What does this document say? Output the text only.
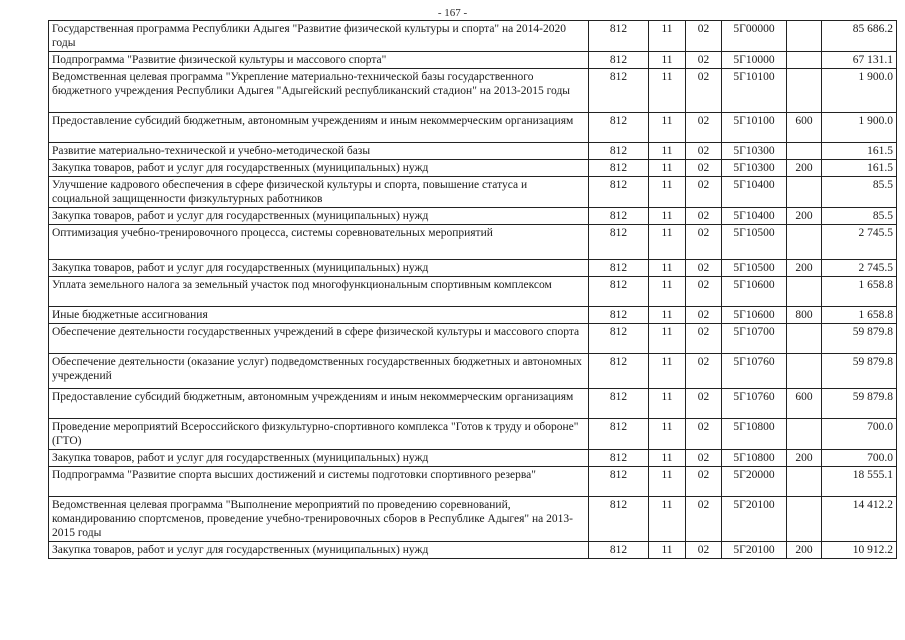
- 167 -
Государственная программа Республики Адыгея "Развитие физической культуры и спорта" на 2014-2020 годы	812	11	02	5Г00000		85 686.2
Подпрограмма "Развитие физической культуры и массового спорта"	812	11	02	5Г10000		67 131.1
Ведомственная целевая программа "Укрепление материально-технической базы государственного бюджетного учреждения Республики Адыгея "Адыгейский республиканский стадион" на 2013-2015 годы	812	11	02	5Г10100		1 900.0
Предоставление субсидий бюджетным, автономным учреждениям и иным некоммерческим организациям	812	11	02	5Г10100	600	1 900.0
Развитие материально-технической и учебно-методической базы	812	11	02	5Г10300		161.5
Закупка товаров, работ и услуг для государственных (муниципальных) нужд	812	11	02	5Г10300	200	161.5
Улучшение кадрового обеспечения в сфере физической культуры и спорта, повышение статуса и социальной защищенности физкультурных работников	812	11	02	5Г10400		85.5
Закупка товаров, работ и услуг для государственных (муниципальных) нужд	812	11	02	5Г10400	200	85.5
Оптимизация учебно-тренировочного процесса, системы соревновательных мероприятий	812	11	02	5Г10500		2 745.5
Закупка товаров, работ и услуг для государственных (муниципальных) нужд	812	11	02	5Г10500	200	2 745.5
Уплата земельного налога за земельный участок под многофункциональным спортивным комплексом	812	11	02	5Г10600		1 658.8
Иные бюджетные ассигнования	812	11	02	5Г10600	800	1 658.8
Обеспечение деятельности государственных учреждений в сфере физической культуры и массового спорта	812	11	02	5Г10700		59 879.8
Обеспечение деятельности (оказание услуг) подведомственных государственных бюджетных и автономных учреждений	812	11	02	5Г10760		59 879.8
Предоставление субсидий бюджетным, автономным учреждениям и иным некоммерческим организациям	812	11	02	5Г10760	600	59 879.8
Проведение мероприятий Всероссийского физкультурно-спортивного комплекса "Готов к труду и обороне" (ГТО)	812	11	02	5Г10800		700.0
Закупка товаров, работ и услуг для государственных (муниципальных) нужд	812	11	02	5Г10800	200	700.0
Подпрограмма "Развитие спорта высших достижений и системы подготовки спортивного резерва"	812	11	02	5Г20000		18 555.1
Ведомственная целевая программа "Выполнение мероприятий по проведению соревнований, командированию спортсменов, проведение учебно-тренировочных сборов в Республике Адыгея" на 2013-2015 годы	812	11	02	5Г20100		14 412.2
Закупка товаров, работ и услуг для государственных (муниципальных) нужд	812	11	02	5Г20100	200	10 912.2
